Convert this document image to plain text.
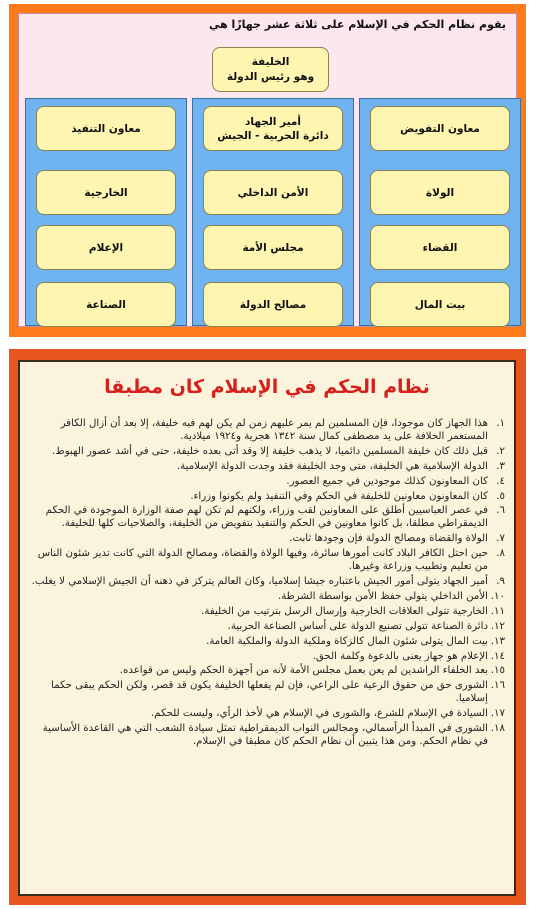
يقوم نظام الحكم في الإسلام على ثلاثة عشر جهازًا هي
الخليفة
وهو رئيس الدولة
معاون التفويض
الولاة
القضاء
بيت المال
أمير الجهاد
دائرة الحربية - الجيش
الأمن الداخلي
مجلس الأمة
مصالح الدولة
معاون التنفيذ
الخارجية
الإعلام
الصناعة
نظام الحكم في الإسلام كان مطبقا
١.
هذا الجهاز كان موجودا، فإن المسلمين لم يمر عليهم زمن لم يكن لهم فيه خليفة، إلا بعد أن أزال الكافر المستعمر الخلافة على يد مصطفى كمال سنة ١٣٤٢ هجرية و١٩٢٤ ميلادية.
٢.
قبل ذلك كان خليفة المسلمين دائميا، لا يذهب خليفة إلا وقد أتى بعده خليفة، حتى في أشد عصور الهبوط.
٣.
الدولة الإسلامية هي الخليفة، متى وجد الخليفة فقد وجدت الدولة الإسلامية.
٤.
كان المعاونون كذلك موجودين في جميع العصور.
٥.
كان المعاونون معاونين للخليفة في الحكم وفي التنفيذ ولم يكونوا وزراء.
٦.
في عصر العباسيين أطلق على المعاونين لقب وزراء، ولكنهم لم تكن لهم صفة الوزارة الموجودة في الحكم الديمقراطي مطلقا، بل كانوا معاونين في الحكم والتنفيذ بتفويض من الخليفة، والصلاحيات كلها للخليفة.
٧.
الولاة والقضاة ومصالح الدولة فإن وجودها ثابت.
٨.
حين احتل الكافر البلاد كانت أمورها سائرة، وفيها الولاة والقضاة، ومصالح الدولة التي كانت تدير شئون الناس من تعليم وتطبيب وزراعة وغيرها.
٩.
أمير الجهاد يتولى أمور الجيش باعتباره جيشا إسلاميا، وكان العالم يتركز في ذهنه أن الجيش الإسلامي لا يغلب.
١٠.
الأمن الداخلي يتولى حفظ الأمن بواسطة الشرطة.
١١.
الخارجية تتولى العلاقات الخارجية وإرسال الرسل بترتيب من الخليفة.
١٢.
دائرة الصناعة تتولى تصنيع الدولة على أساس الصناعة الحربية.
١٣.
بيت المال يتولى شئون المال كالزكاة وملكية الدولة والملكية العامة.
١٤.
الإعلام هو جهاز يعنى بالدعوة وكلمة الحق.
١٥.
بعد الخلفاء الراشدين لم يعن بعمل مجلس الأمة لأنه من أجهزة الحكم وليس من قواعده.
١٦.
الشورى حق من حقوق الرعية على الراعي، فإن لم يفعلها الخليفة يكون قد قصر، ولكن الحكم يبقى حكما إسلاميا.
١٧.
السيادة في الإسلام للشرع، والشورى في الإسلام هي لأخذ الرأي، وليست للحكم.
١٨.
الشورى في المبدأ الرأسمالي، ومجالس النواب الديمقراطية تمثل سيادة الشعب التي هي القاعدة الأساسية في نظام الحكم. ومن هذا يتبين أن نظام الحكم كان مطبقا في الإسلام.
